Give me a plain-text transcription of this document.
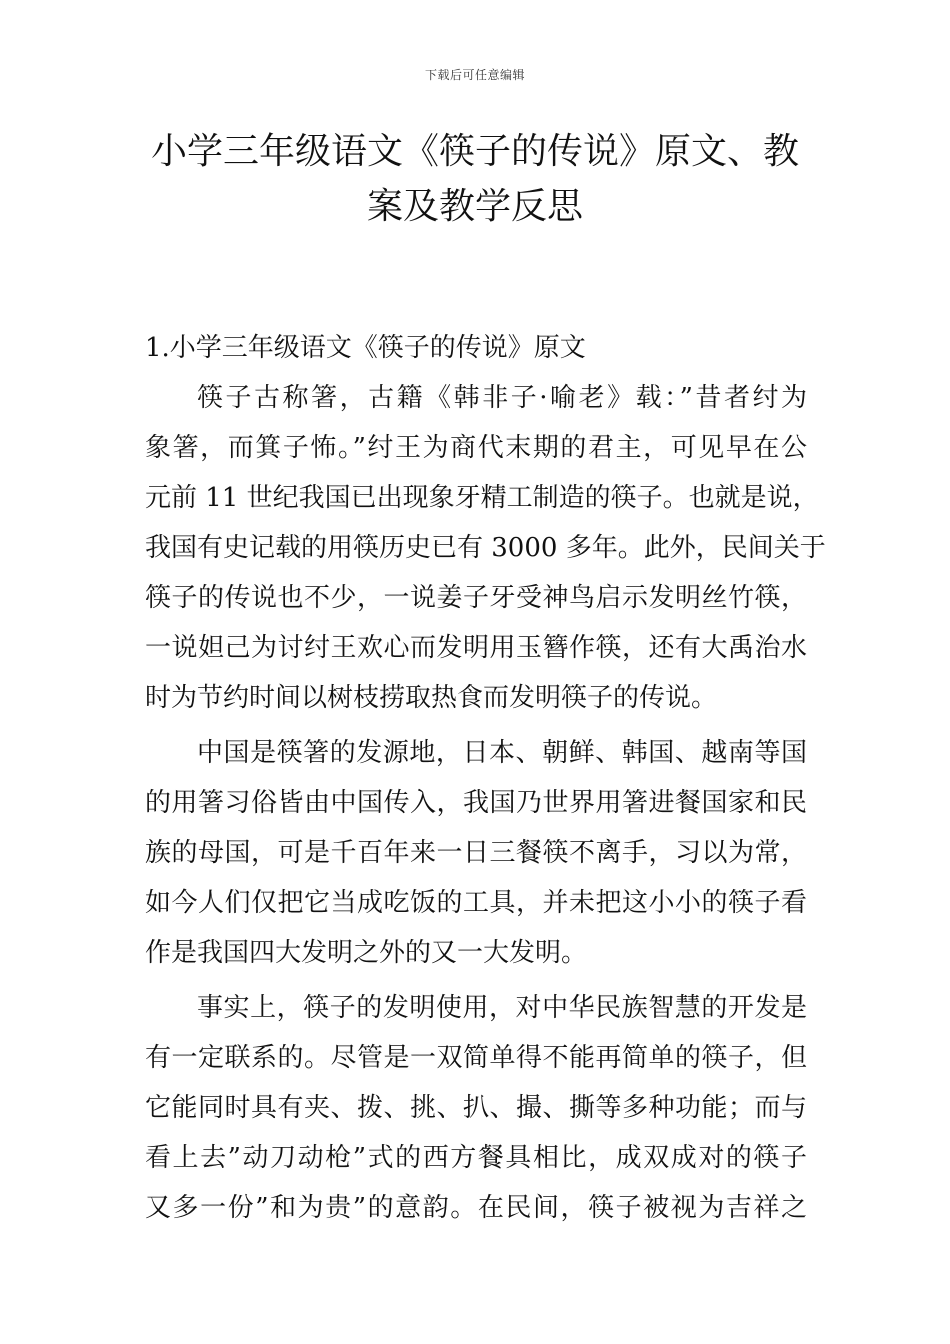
下载后可任意编辑
小学三年级语文《筷子的传说》原文、教
案及教学反思

1.小学三年级语文《筷子的传说》原文

筷子古称箸，古籍《韩非子·喻老》载：”昔者纣为
象箸，而箕子怖。”纣王为商代末期的君主，可见早在公
元前 11 世纪我国已出现象牙精工制造的筷子。也就是说，
我国有史记载的用筷历史已有 3000 多年。此外，民间关于
筷子的传说也不少，一说姜子牙受神鸟启示发明丝竹筷，
一说妲己为讨纣王欢心而发明用玉簪作筷，还有大禹治水
时为节约时间以树枝捞取热食而发明筷子的传说。

中国是筷箸的发源地，日本、朝鲜、韩国、越南等国
的用箸习俗皆由中国传入，我国乃世界用箸进餐国家和民
族的母国，可是千百年来一日三餐筷不离手，习以为常，
如今人们仅把它当成吃饭的工具，并未把这小小的筷子看
作是我国四大发明之外的又一大发明。

事实上，筷子的发明使用，对中华民族智慧的开发是
有一定联系的。尽管是一双简单得不能再简单的筷子，但
它能同时具有夹、拨、挑、扒、撮、撕等多种功能；而与
看上去”动刀动枪”式的西方餐具相比，成双成对的筷子
又多一份”和为贵”的意韵。在民间，筷子被视为吉祥之
